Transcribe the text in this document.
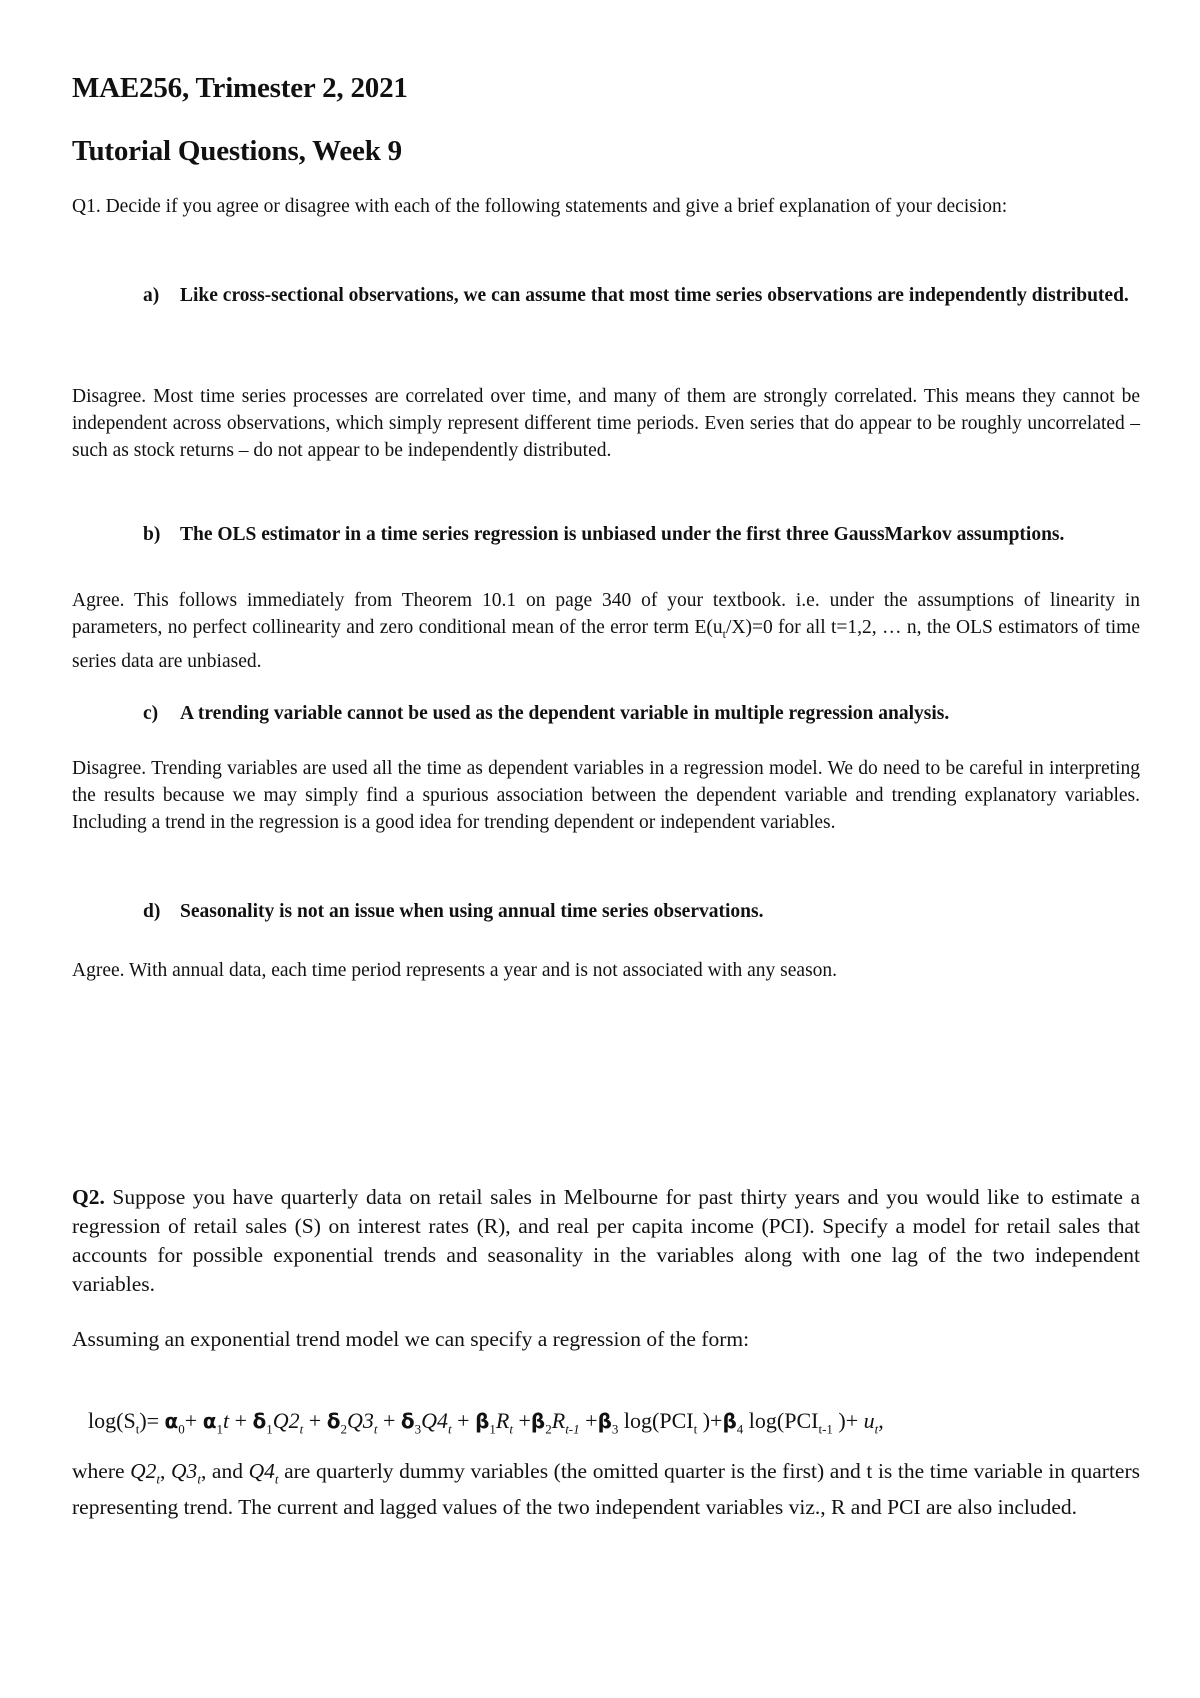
MAE256, Trimester 2, 2021
Tutorial Questions, Week 9

Q1. Decide if you agree or disagree with each of the following statements and give a brief explanation of your decision:

a)	Like cross-sectional observations, we can assume that most time series observations are independently distributed.

Disagree. Most time series processes are correlated over time, and many of them are strongly correlated. This means they cannot be independent across observations, which simply represent different time periods. Even series that do appear to be roughly uncorrelated – such as stock returns – do not appear to be independently distributed.

b)	The OLS estimator in a time series regression is unbiased under the first three GaussMarkov assumptions.

Agree. This follows immediately from Theorem 10.1 on page 340 of your textbook. i.e. under the assumptions of linearity in parameters, no perfect collinearity and zero conditional mean of the error term $E(u_t/X)=0$ for all t=1,2, … n, the OLS estimators of time series data are unbiased.

c)	A trending variable cannot be used as the dependent variable in multiple regression analysis.

Disagree. Trending variables are used all the time as dependent variables in a regression model. We do need to be careful in interpreting the results because we may simply find a spurious association between the dependent variable and trending explanatory variables. Including a trend in the regression is a good idea for trending dependent or independent variables.

d)	Seasonality is not an issue when using annual time series observations.

Agree. With annual data, each time period represents a year and is not associated with any season.

Q2. Suppose you have quarterly data on retail sales in Melbourne for past thirty years and you would like to estimate a regression of retail sales (S) on interest rates (R), and real per capita income (PCI). Specify a model for retail sales that accounts for possible exponential trends and seasonality in the variables along with one lag of the two independent variables.

Assuming an exponential trend model we can specify a regression of the form:

$\log(S_t)= \alpha_0+ \alpha_1t + \delta_1Q2_t + \delta_2Q3_t + \delta_3Q4_t + \beta_1R_t +\beta_2R_{t-1} +\beta_3$ $\log(PCI_t$ )$+\beta_4$ $\log(PCI_{t-1}$ )+ $u_t$,

where $Q2_t$, $Q3_t$, and $Q4_t$ are quarterly dummy variables (the omitted quarter is the first) and t is the time variable in quarters representing trend. The current and lagged values of the two independent variables viz., R and PCI are also included.
